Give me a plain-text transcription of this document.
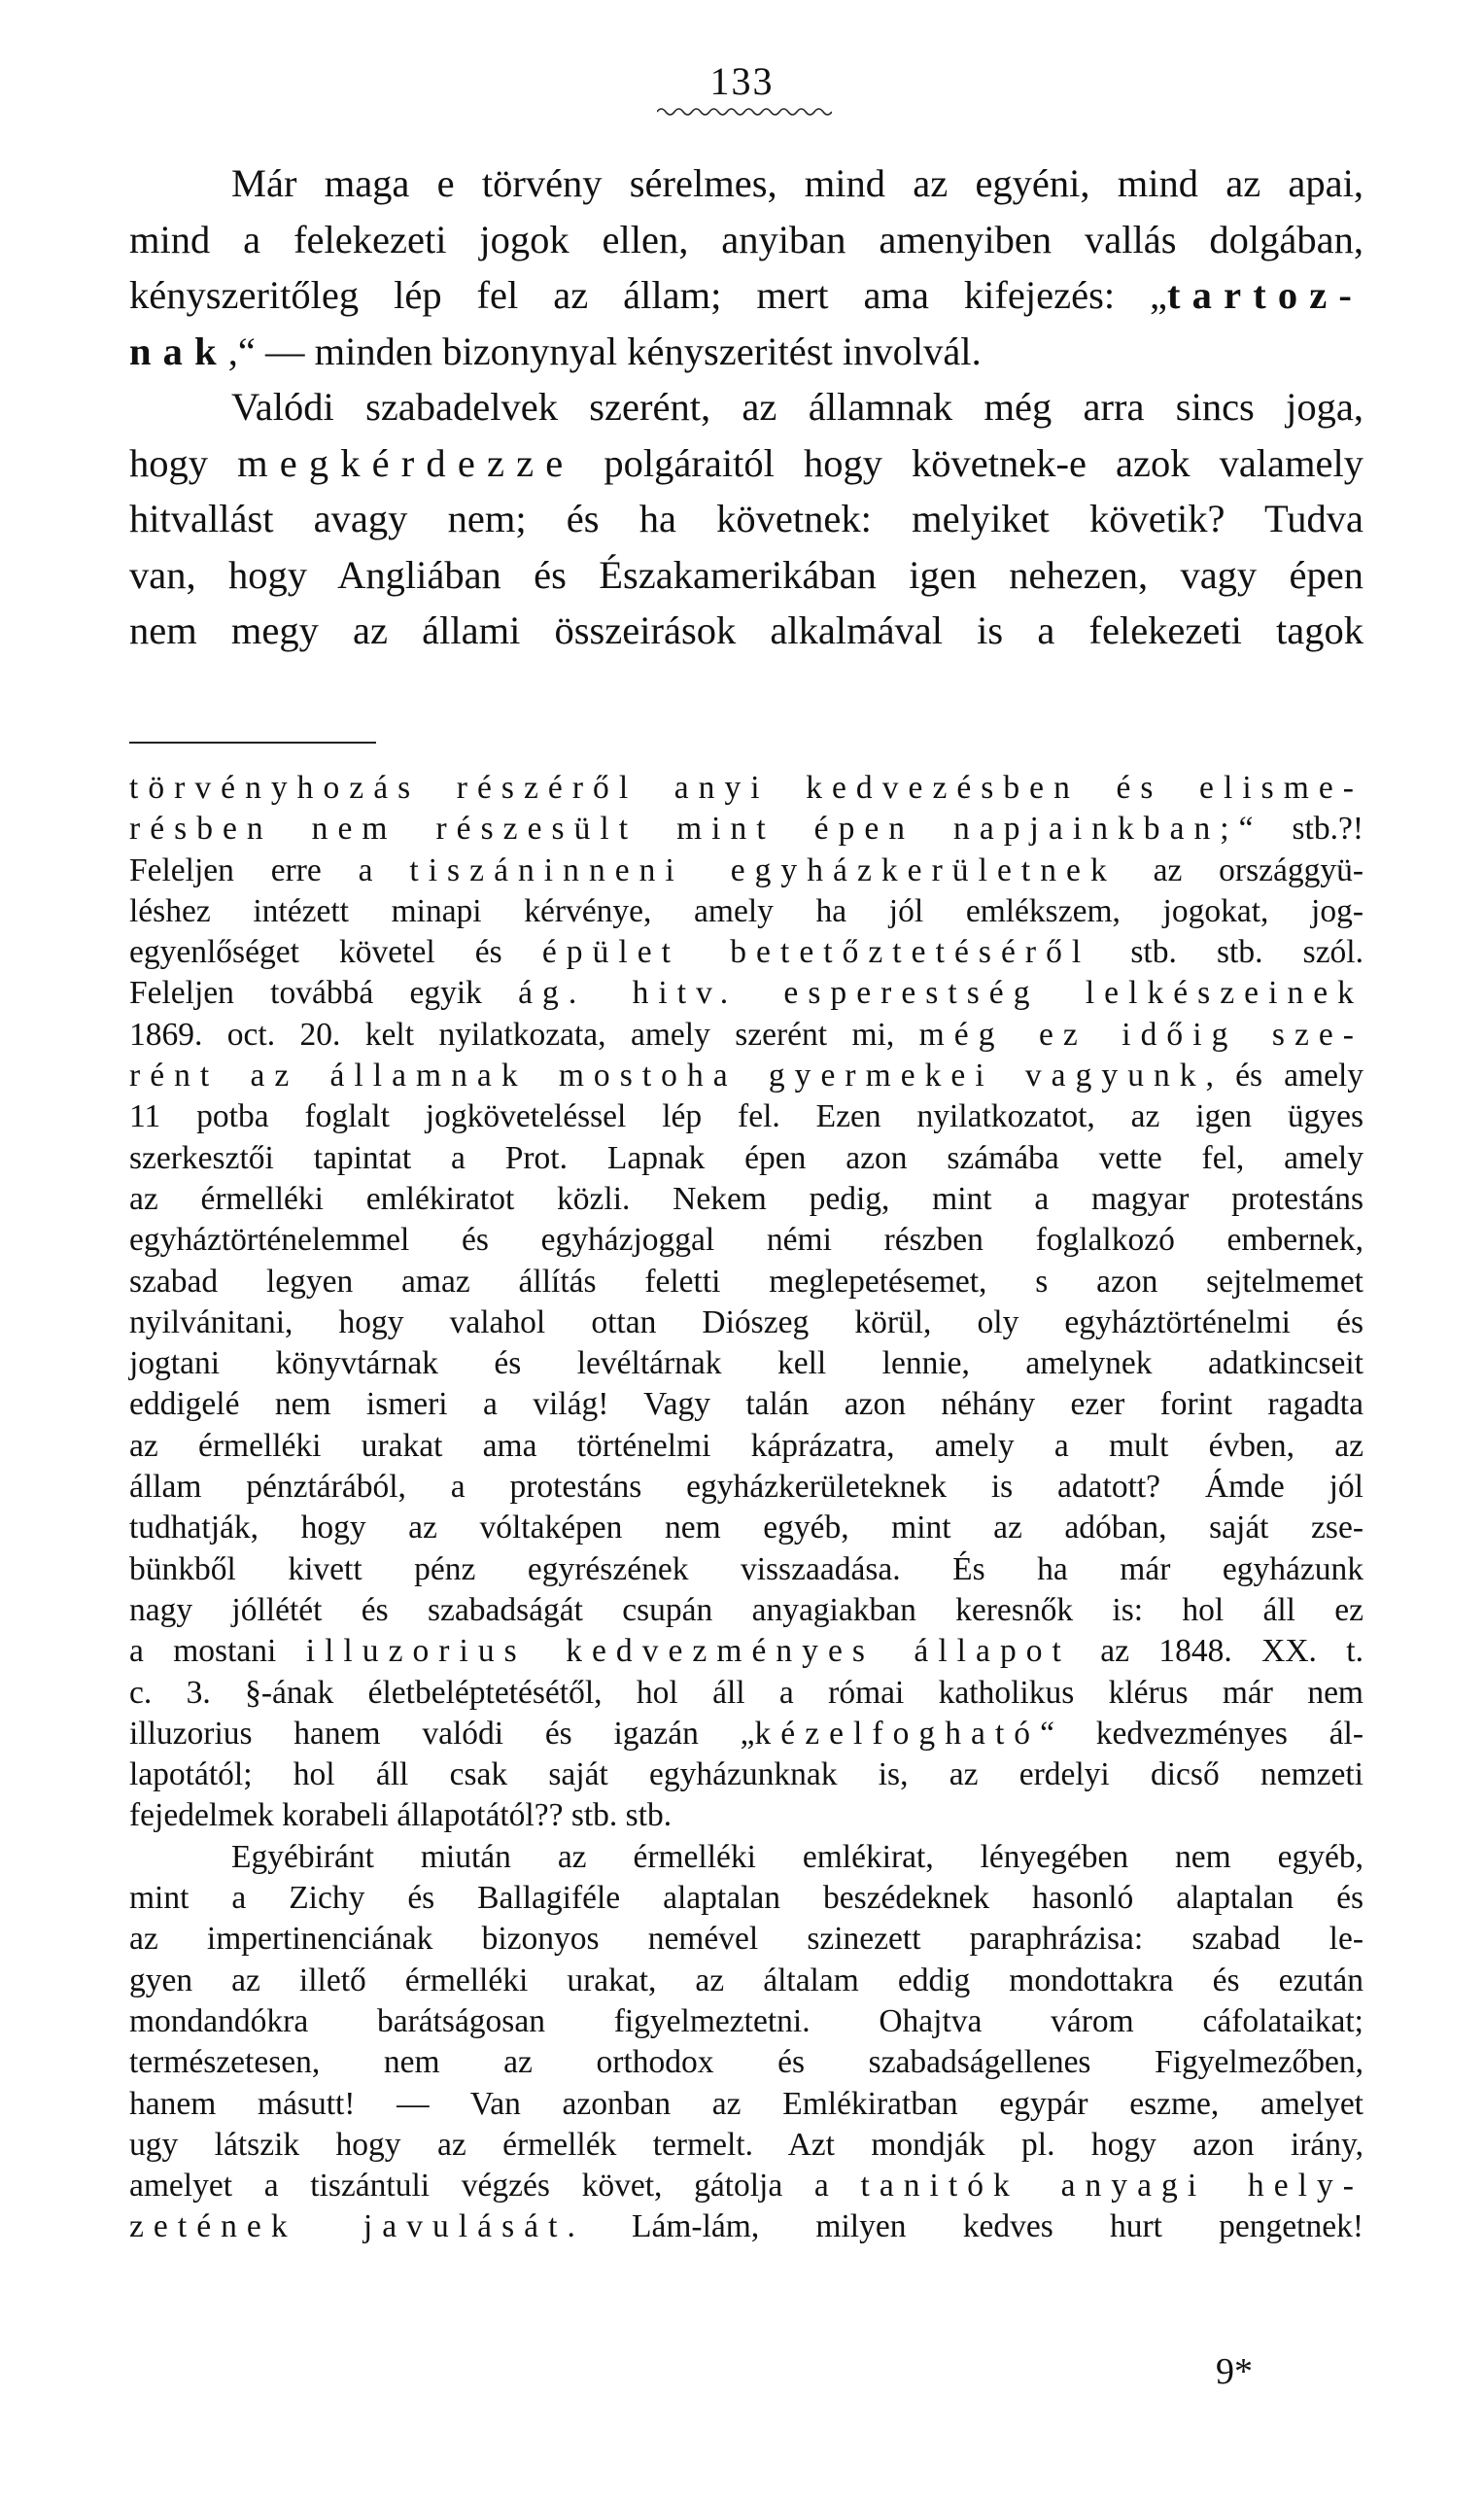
133
Már maga e törvény sérelmes, mind az egyéni, mind az apai,
mind a felekezeti jogok ellen, anyiban amenyiben vallás dolgában,
kényszeritőleg lép fel az állam; mert ama kifejezés: „tartoz-
nak,“ — minden bizonynyal kényszeritést involvál.
Valódi szabadelvek szerént, az államnak még arra sincs joga,
hogy megkérdezze polgáraitól hogy követnek-e azok valamely
hitvallást avagy nem; és ha követnek: melyiket követik? Tudva
van, hogy Angliában és Északamerikában igen nehezen, vagy épen
nem megy az állami összeirások alkalmával is a felekezeti tagok
törvényhozás részéről anyi kedvezésben és elisme-
résben nem részesült mint épen napjainkban;“ stb.?!
Feleljen erre a tiszáninneni egyházkerületnek az országgyü-
léshez intézett minapi kérvénye, amely ha jól emlékszem, jogokat, jog-
egyenlőséget követel és épület betetőztetéséről stb. stb. szól.
Feleljen továbbá egyik ág. hitv. esperestség lelkészeinek
1869. oct. 20. kelt nyilatkozata, amely szerént mi, még ez időig sze-
rént az államnak mostoha gyermekei vagyunk, és amely
11 potba foglalt jogköveteléssel lép fel. Ezen nyilatkozatot, az igen ügyes
szerkesztői tapintat a Prot. Lapnak épen azon számába vette fel, amely
az érmelléki emlékiratot közli. Nekem pedig, mint a magyar protestáns
egyháztörténelemmel és egyházjoggal némi részben foglalkozó embernek,
szabad legyen amaz állítás feletti meglepetésemet, s azon sejtelmemet
nyilvánitani, hogy valahol ottan Diószeg körül, oly egyháztörténelmi és
jogtani könyvtárnak és levéltárnak kell lennie, amelynek adatkincseit
eddigelé nem ismeri a világ! Vagy talán azon néhány ezer forint ragadta
az érmelléki urakat ama történelmi káprázatra, amely a mult évben, az
állam pénztárából, a protestáns egyházkerületeknek is adatott? Ámde jól
tudhatják, hogy az vóltaképen nem egyéb, mint az adóban, saját zse-
bünkből kivett pénz egyrészének visszaadása. És ha már egyházunk
nagy jóllétét és szabadságát csupán anyagiakban keresnők is: hol áll ez
a mostani illuzorius kedvezményes állapot az 1848. XX. t.
c. 3. §-ának életbeléptetésétől, hol áll a római katholikus klérus már nem
illuzorius hanem valódi és igazán „kézelfogható“ kedvezményes ál-
lapotától; hol áll csak saját egyházunknak is, az erdelyi dicső nemzeti
fejedelmek korabeli állapotától?? stb. stb.
Egyébiránt miután az érmelléki emlékirat, lényegében nem egyéb,
mint a Zichy és Ballagiféle alaptalan beszédeknek hasonló alaptalan és
az impertinenciának bizonyos nemével szinezett paraphrázisa: szabad le-
gyen az illető érmelléki urakat, az általam eddig mondottakra és ezután
mondandókra barátságosan figyelmeztetni. Ohajtva várom cáfolataikat;
természetesen, nem az orthodox és szabadságellenes Figyelmezőben,
hanem másutt! — Van azonban az Emlékiratban egypár eszme, amelyet
ugy látszik hogy az érmellék termelt. Azt mondják pl. hogy azon irány,
amelyet a tiszántuli végzés követ, gátolja a tanitók anyagi hely-
zetének javulását. Lám-lám, milyen kedves hurt pengetnek!
9*
